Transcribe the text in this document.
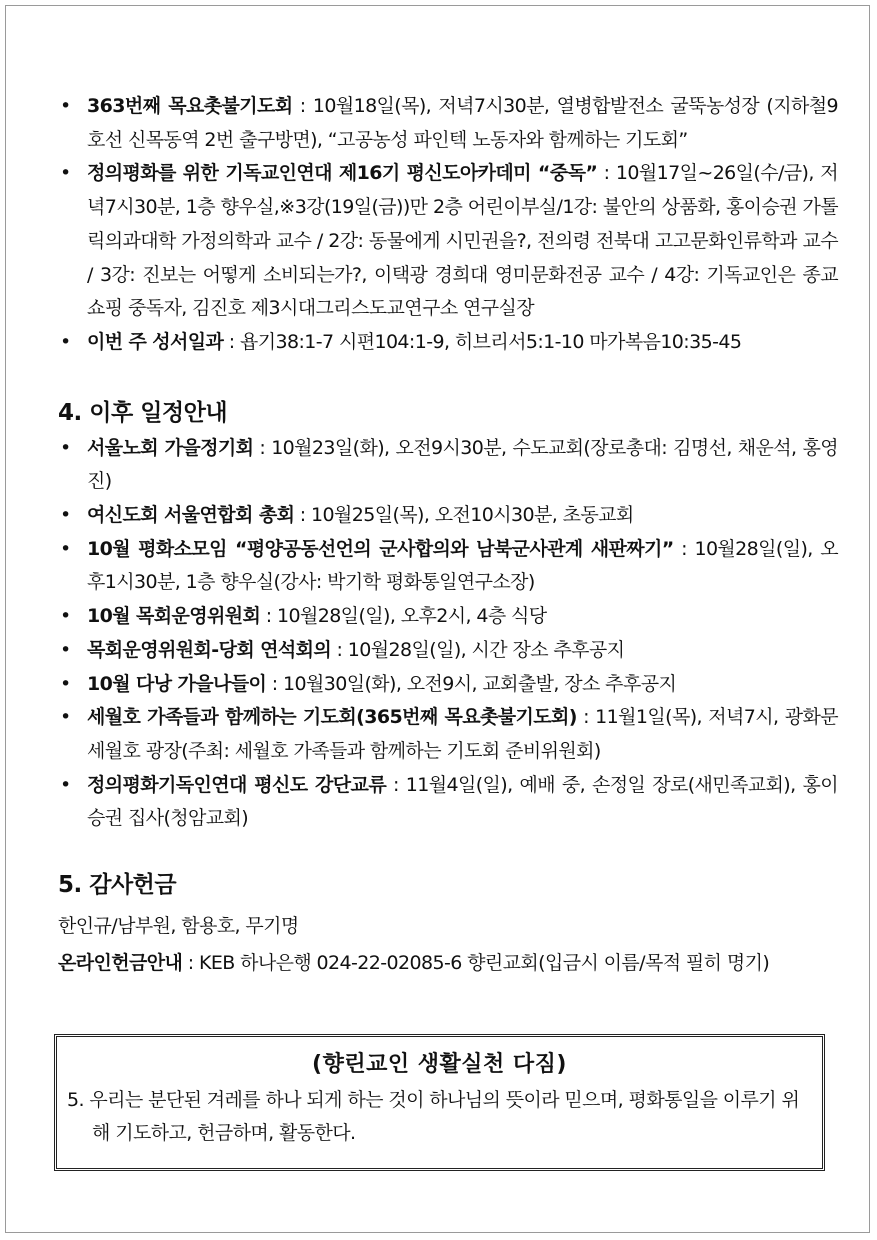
• 363번째 목요촛불기도회 : 10월18일(목), 저녁7시30분, 열병합발전소 굴뚝농성장 (지하철9호선 신목동역 2번 출구방면), “고공농성 파인텍 노동자와 함께하는 기도회”
• 정의평화를 위한 기독교인연대 제16기 평신도아카데미 “중독” : 10월17일~26일(수/금), 저녁7시30분, 1층 향우실,※3강(19일(금))만 2층 어린이부실/1강: 불안의 상품화, 홍이승권 가톨릭의과대학 가정의학과 교수 / 2강: 동물에게 시민권을?, 전의령 전북대 고고문화인류학과 교수 / 3강: 진보는 어떻게 소비되는가?, 이택광 경희대 영미문화전공 교수 / 4강: 기독교인은 종교 쇼핑 중독자, 김진호 제3시대그리스도교연구소 연구실장
• 이번 주 성서일과 : 욥기38:1-7 시편104:1-9, 히브리서5:1-10 마가복음10:35-45
4. 이후 일정안내
• 서울노회 가을정기회 : 10월23일(화), 오전9시30분, 수도교회(장로총대: 김명선, 채운석, 홍영진)
• 여신도회 서울연합회 총회 : 10월25일(목), 오전10시30분, 초동교회
• 10월 평화소모임 “평양공동선언의 군사합의와 남북군사관계 새판짜기” : 10월28일(일), 오후1시30분, 1층 향우실(강사: 박기학 평화통일연구소장)
• 10월 목회운영위원회 : 10월28일(일), 오후2시, 4층 식당
• 목회운영위원회-당회 연석회의 : 10월28일(일), 시간 장소 추후공지
• 10월 다낭 가을나들이 : 10월30일(화), 오전9시, 교회출발, 장소 추후공지
• 세월호 가족들과 함께하는 기도회(365번째 목요촛불기도회) : 11월1일(목), 저녁7시, 광화문 세월호 광장(주최: 세월호 가족들과 함께하는 기도회 준비위원회)
• 정의평화기독인연대 평신도 강단교류 : 11월4일(일), 예배 중, 손정일 장로(새민족교회), 홍이승권 집사(청암교회)
5. 감사헌금

한인규/남부원, 함용호, 무기명

온라인헌금안내 : KEB 하나은행 024-22-02085-6 향린교회(입금시 이름/목적 필히 명기)

(향린교인 생활실천 다짐)
5. 우리는 분단된 겨레를 하나 되게 하는 것이 하나님의 뜻이라 믿으며, 평화통일을 이루기 위해 기도하고, 헌금하며, 활동한다.
